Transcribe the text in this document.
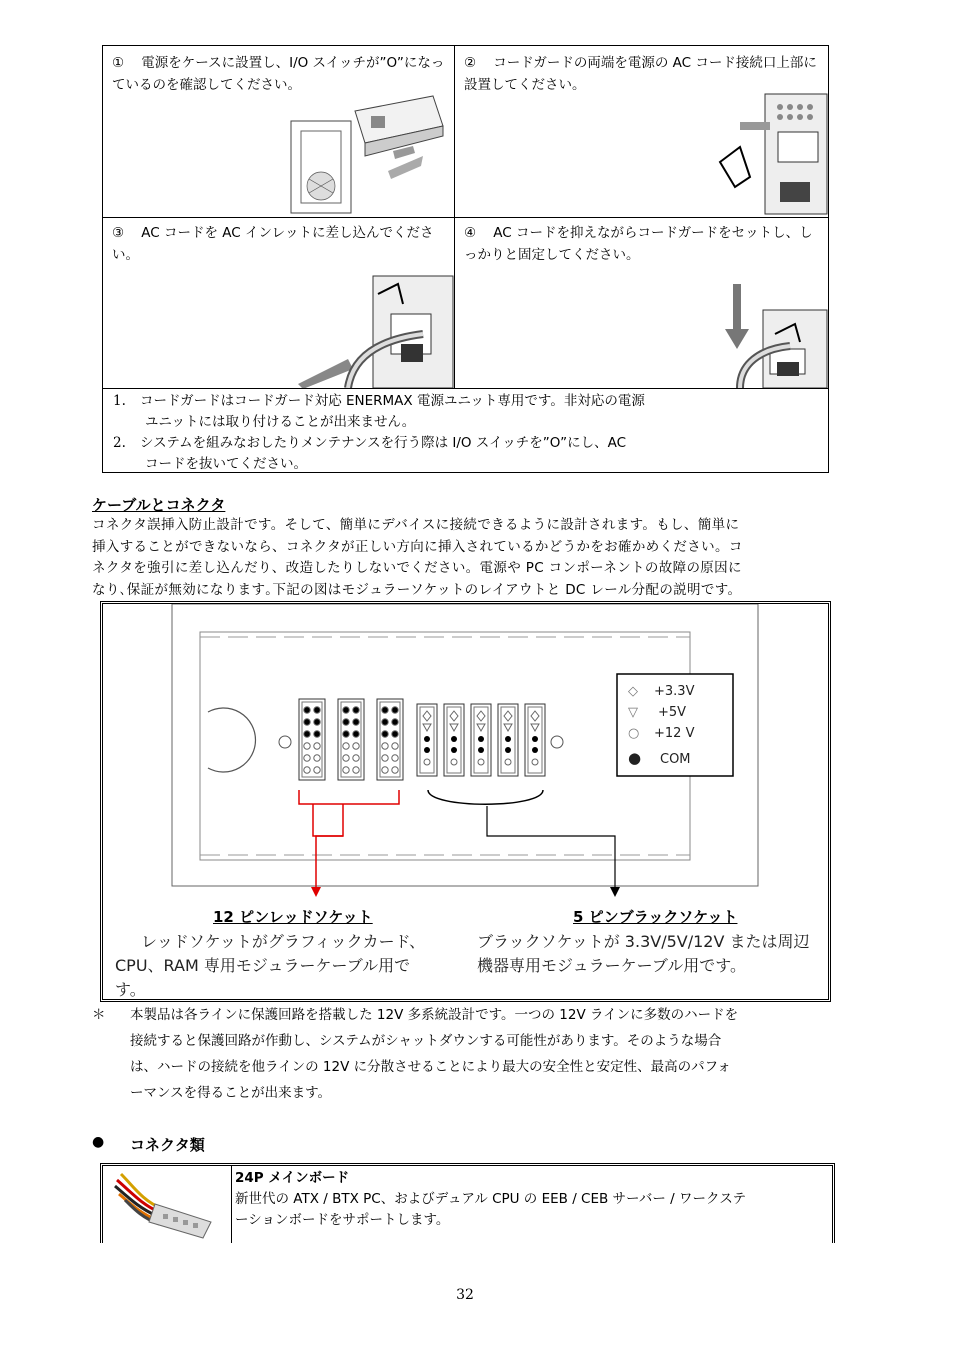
① 電源をケースに設置し、I/O スイッチが”O”になっているのを確認してください。
② コードガードの両端を電源の AC コード接続口上部に設置してください。
③ AC コードを AC インレットに差し込んでください。
④ AC コードを抑えながらコードガードをセットし、しっかりと固定してください。
1. コードガードはコードガード対応 ENERMAX 電源ユニット専用です。非対応の電源
ユニットには取り付けることが出来ません。
2. システムを組みなおしたりメンテナンスを行う際は I/O スイッチを”O”にし、AC
コードを抜いてください。
ケーブルとコネクタ
コネクタ誤挿入防止設計です。そして、簡単にデバイスに接続できるように設計されます。もし、簡単に
挿入することができないなら、コネクタが正しい方向に挿入されているかどうかをお確かめください。コ
ネクタを強引に差し込んだり、改造したりしないでください。電源や PC コンポーネントの故障の原因に
なり､保証が無効になります｡下記の図はモジュラーソケットのレイアウトと DC レール分配の説明です。
◇ +3.3V
▽ +5V
○ +12 V
● COM
12 ピンレッドソケット	5 ピンブラックソケット
レッドソケットがグラフィックカード、
CPU、RAM 専用モジュラーケーブル用で
す。
ブラックソケットが 3.3V/5V/12V または周辺
機器専用モジュラーケーブル用です。
＊ 本製品は各ラインに保護回路を搭載した 12V 多系統設計です。一つの 12V ラインに多数のハードを
接続すると保護回路が作動し、システムがシャットダウンする可能性があります。そのような場合
は、ハードの接続を他ラインの 12V に分散させることにより最大の安全性と安定性、最高のパフォ
ーマンスを得ることが出来ます。
● コネクタ類
24P メインボード
新世代の ATX / BTX PC、およびデュアル CPU の EEB / CEB サーバー / ワークステ
ーションボードをサポートします。
32
